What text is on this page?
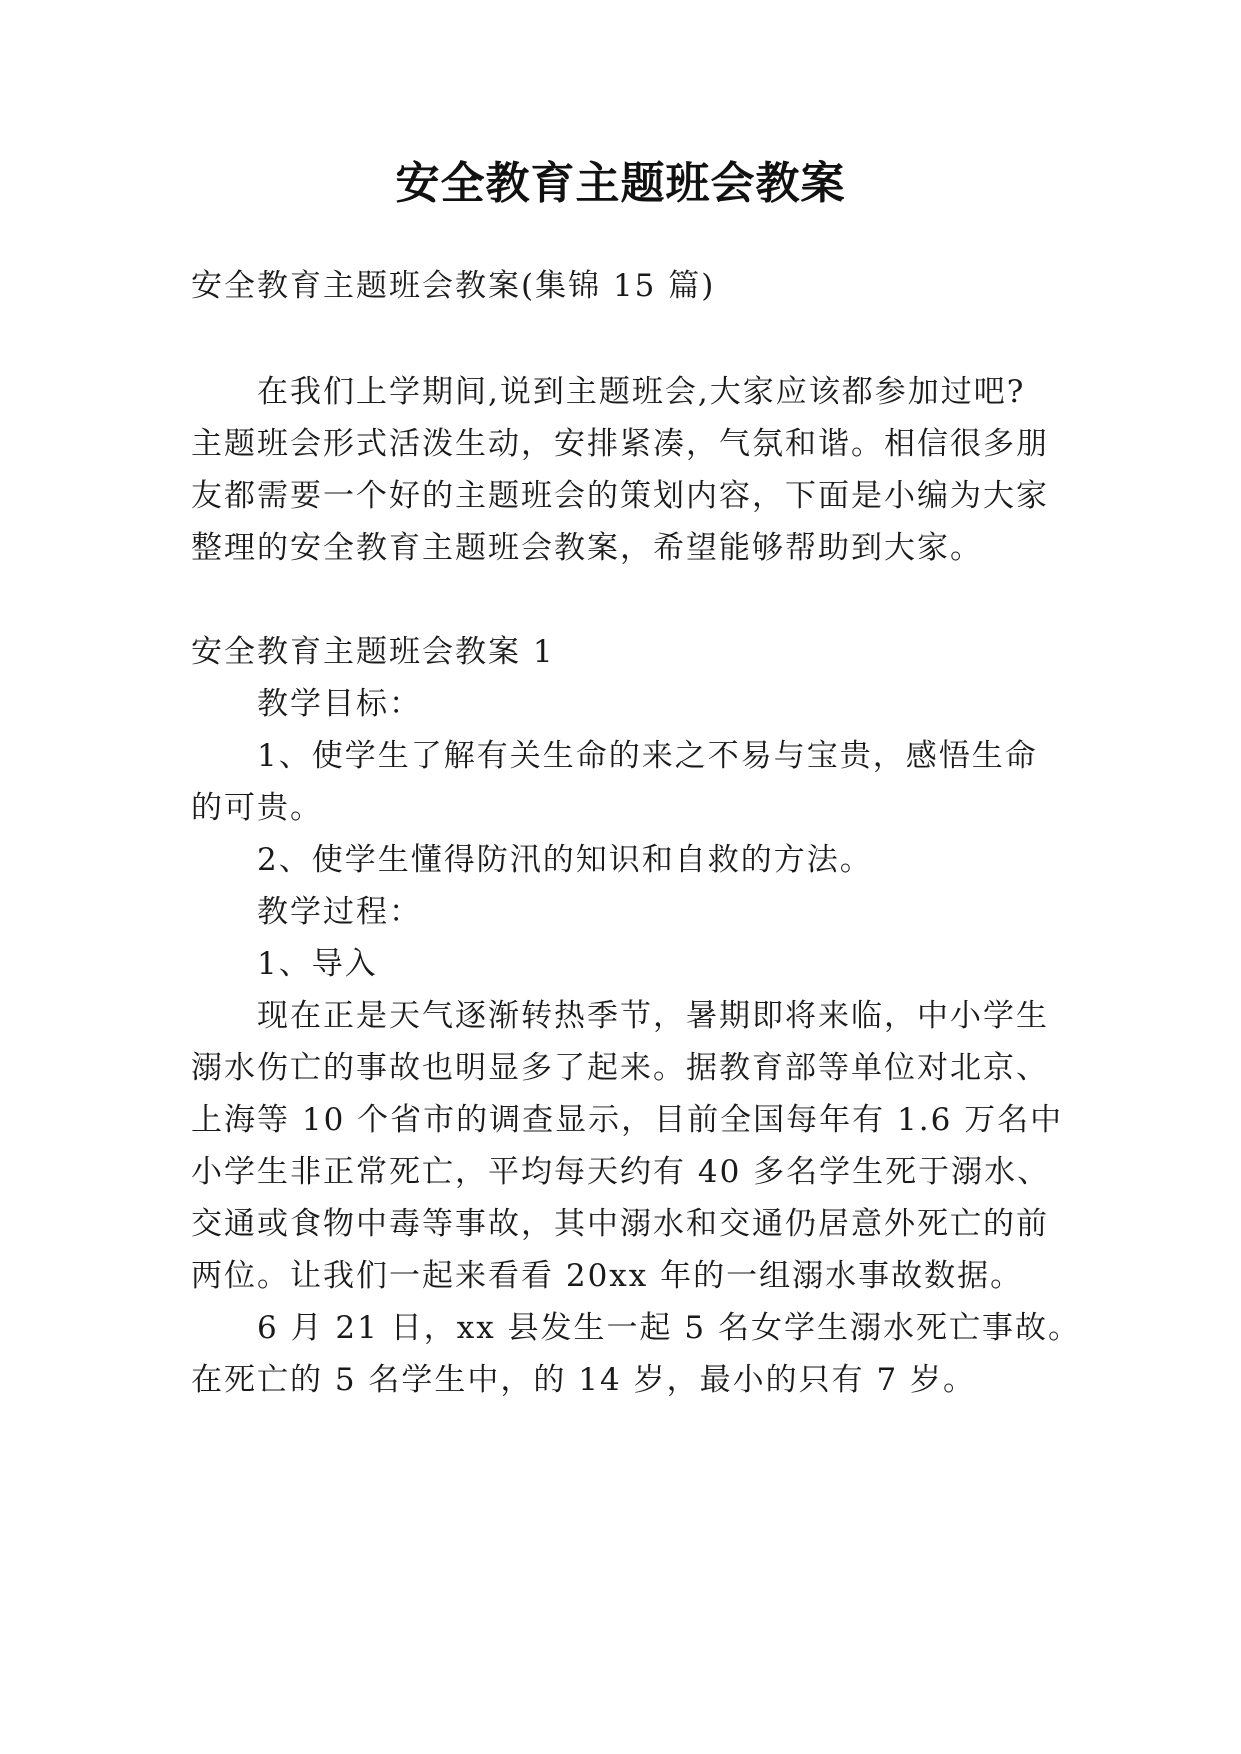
安全教育主题班会教案
安全教育主题班会教案(集锦 15 篇)
在我们上学期间,说到主题班会,大家应该都参加过吧?
主题班会形式活泼生动，安排紧凑，气氛和谐。相信很多朋
友都需要一个好的主题班会的策划内容，下面是小编为大家
整理的安全教育主题班会教案，希望能够帮助到大家。
安全教育主题班会教案 1
教学目标：
1、使学生了解有关生命的来之不易与宝贵，感悟生命
的可贵。
2、使学生懂得防汛的知识和自救的方法。
教学过程：
1、导入
现在正是天气逐渐转热季节，暑期即将来临，中小学生
溺水伤亡的事故也明显多了起来。据教育部等单位对北京、
上海等 10 个省市的调查显示，目前全国每年有 1.6 万名中
小学生非正常死亡，平均每天约有 40 多名学生死于溺水、
交通或食物中毒等事故，其中溺水和交通仍居意外死亡的前
两位。让我们一起来看看 20xx 年的一组溺水事故数据。
6 月 21 日，xx 县发生一起 5 名女学生溺水死亡事故。
在死亡的 5 名学生中，的 14 岁，最小的只有 7 岁。
